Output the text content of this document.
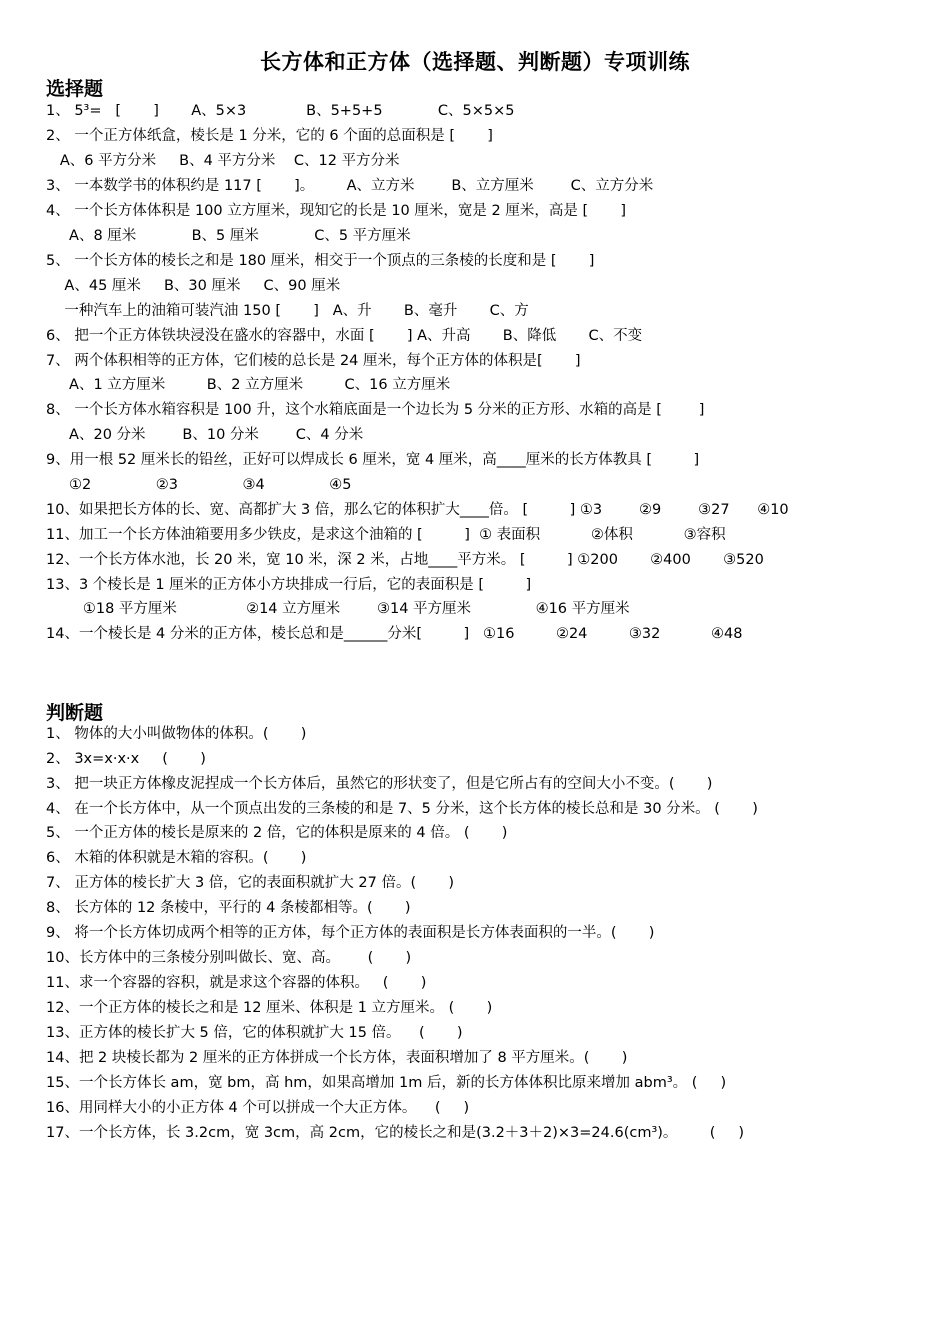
长方体和正方体（选择题、判断题）专项训练
选择题
1、 5³=   [       ]       A、5×3             B、5+5+5            C、5×5×5
2、 一个正方体纸盒，棱长是 1 分米，它的 6 个面的总面积是 [       ]
A、6 平方分米     B、4 平方分米    C、12 平方分米
3、 一本数学书的体积约是 117 [       ]。       A、立方米        B、立方厘米        C、立方分米
4、 一个长方体体积是 100 立方厘米，现知它的长是 10 厘米，宽是 2 厘米，高是 [       ]
A、8 厘米            B、5 厘米            C、5 平方厘米
5、 一个长方体的棱长之和是 180 厘米，相交于一个顶点的三条棱的长度和是 [       ]
A、45 厘米     B、30 厘米     C、90 厘米
一种汽车上的油箱可装汽油 150 [       ]   A、升       B、毫升       C、方
6、 把一个正方体铁块浸没在盛水的容器中，水面 [       ] A、升高       B、降低       C、不变
7、 两个体积相等的正方体，它们棱的总长是 24 厘米，每个正方体的体积是[       ]
A、1 立方厘米         B、2 立方厘米         C、16 立方厘米
8、 一个长方体水箱容积是 100 升，这个水箱底面是一个边长为 5 分米的正方形、水箱的高是 [        ]
A、20 分米        B、10 分米        C、4 分米
9、用一根 52 厘米长的铅丝，正好可以焊成长 6 厘米，宽 4 厘米，高____厘米的长方体教具 [         ]
①2              ②3              ③4              ④5
10、如果把长方体的长、宽、高都扩大 3 倍，那么它的体积扩大____倍。 [         ] ①3        ②9        ③27      ④10
11、加工一个长方体油箱要用多少铁皮，是求这个油箱的 [         ]  ① 表面积           ②体积           ③容积
12、一个长方体水池，长 20 米，宽 10 米，深 2 米，占地____平方米。 [         ] ①200       ②400       ③520
13、3 个棱长是 1 厘米的正方体小方块排成一行后，它的表面积是 [         ]
①18 平方厘米               ②14 立方厘米        ③14 平方厘米              ④16 平方厘米
14、一个棱长是 4 分米的正方体，棱长总和是______分米[         ]   ①16         ②24         ③32           ④48
判断题
1、 物体的大小叫做物体的体积。(       )
2、 3x=x·x·x     (       )
3、 把一块正方体橡皮泥捏成一个长方体后，虽然它的形状变了，但是它所占有的空间大小不变。(       )
4、 在一个长方体中，从一个顶点出发的三条棱的和是 7、5 分米，这个长方体的棱长总和是 30 分米。 (       )
5、 一个正方体的棱长是原来的 2 倍，它的体积是原来的 4 倍。 (       )
6、 木箱的体积就是木箱的容积。(       )
7、 正方体的棱长扩大 3 倍，它的表面积就扩大 27 倍。(       )
8、 长方体的 12 条棱中，平行的 4 条棱都相等。(       )
9、 将一个长方体切成两个相等的正方体，每个正方体的表面积是长方体表面积的一半。(       )
10、长方体中的三条棱分别叫做长、宽、高。      (       )
11、求一个容器的容积，就是求这个容器的体积。   (       )
12、一个正方体的棱长之和是 12 厘米、体积是 1 立方厘米。 (       )
13、正方体的棱长扩大 5 倍，它的体积就扩大 15 倍。    (       )
14、把 2 块棱长都为 2 厘米的正方体拼成一个长方体，表面积增加了 8 平方厘米。(       )
15、一个长方体长 am，宽 bm，高 hm，如果高增加 1m 后，新的长方体体积比原来增加 abm³。 (     )
16、用同样大小的小正方体 4 个可以拼成一个大正方体。    (     )
17、一个长方体，长 3.2cm，宽 3cm，高 2cm，它的棱长之和是(3.2＋3＋2)×3=24.6(cm³)。       (     )
